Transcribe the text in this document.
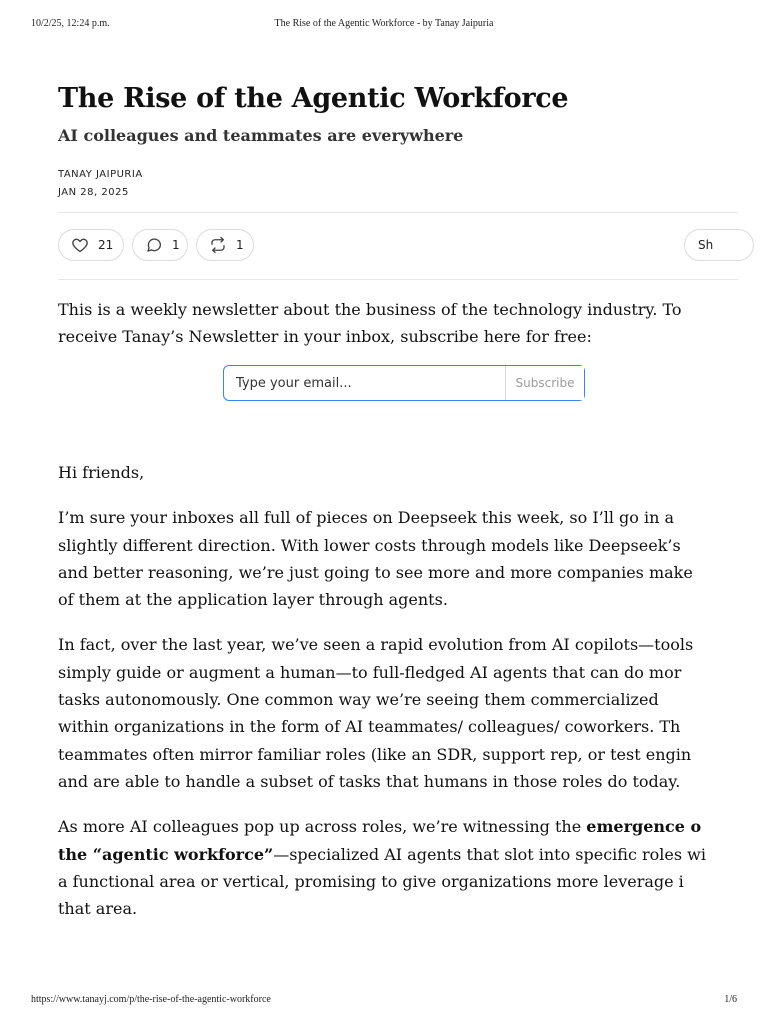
10/2/25, 12:24 p.m.	The Rise of the Agentic Workforce - by Tanay Jaipuria
The Rise of the Agentic Workforce
AI colleagues and teammates are everywhere
TANAY JAIPURIA
JAN 28, 2025
21	1	1	Sh
This is a weekly newsletter about the business of the technology industry. To
receive Tanay’s Newsletter in your inbox, subscribe here for free:
Type your email...
Subscribe

Hi friends,

I’m sure your inboxes all full of pieces on Deepseek this week, so I’ll go in a
slightly different direction. With lower costs through models like Deepseek’s
and better reasoning, we’re just going to see more and more companies make
of them at the application layer through agents.

In fact, over the last year, we’ve seen a rapid evolution from AI copilots—tools
simply guide or augment a human—to full-fledged AI agents that can do mor
tasks autonomously. One common way we’re seeing them commercialized
within organizations in the form of AI teammates/ colleagues/ coworkers. Th
teammates often mirror familiar roles (like an SDR, support rep, or test engin
and are able to handle a subset of tasks that humans in those roles do today.

As more AI colleagues pop up across roles, we’re witnessing the emergence o
the “agentic workforce”—specialized AI agents that slot into specific roles wi
a functional area or vertical, promising to give organizations more leverage i
that area.

https://www.tanayj.com/p/the-rise-of-the-agentic-workforce	1/6
